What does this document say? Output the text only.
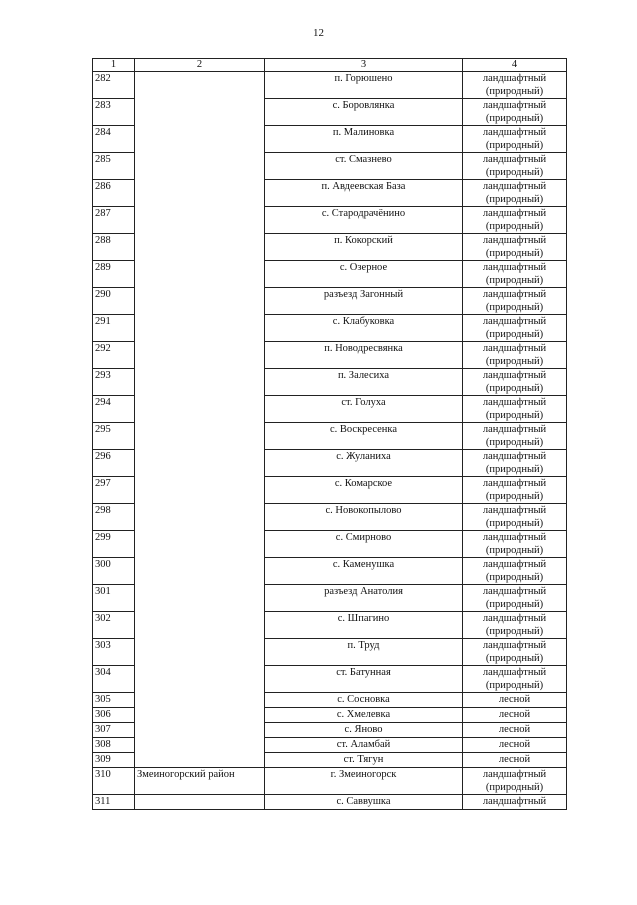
12
1	2	3	4
282		п. Горюшено	ландшафтный
(природный)

283		с. Боровлянка	ландшафтный
(природный)

284		п. Малиновка	ландшафтный
(природный)

285		ст. Смазнево	ландшафтный
(природный)

286		п. Авдеевская База	ландшафтный
(природный)

287		с. Стародрачёнино	ландшафтный
(природный)

288		п. Кокорский	ландшафтный
(природный)

289		с. Озерное	ландшафтный
(природный)

290		разъезд Загонный	ландшафтный
(природный)

291		с. Клабуковка	ландшафтный
(природный)

292		п. Новодресвянка	ландшафтный
(природный)

293		п. Залесиха	ландшафтный
(природный)

294		ст. Голуха	ландшафтный
(природный)

295		с. Воскресенка	ландшафтный
(природный)

296		с. Жуланиха	ландшафтный
(природный)

297		с. Комарское	ландшафтный
(природный)

298		с. Новокопылово	ландшафтный
(природный)

299		с. Смирново	ландшафтный
(природный)

300		с. Каменушка	ландшафтный
(природный)

301		разъезд Анатолия	ландшафтный
(природный)

302		с. Шпагино	ландшафтный
(природный)

303		п. Труд	ландшафтный
(природный)

304		ст. Батунная	ландшафтный
(природный)

305		с. Сосновка	лесной

306		с. Хмелевка	лесной

307		с. Яново	лесной

308		ст. Аламбай	лесной

309		ст. Тягун	лесной

310	Змеиногорский район	г. Змеиногорск	ландшафтный
(природный)

311		с. Саввушка	ландшафтный
